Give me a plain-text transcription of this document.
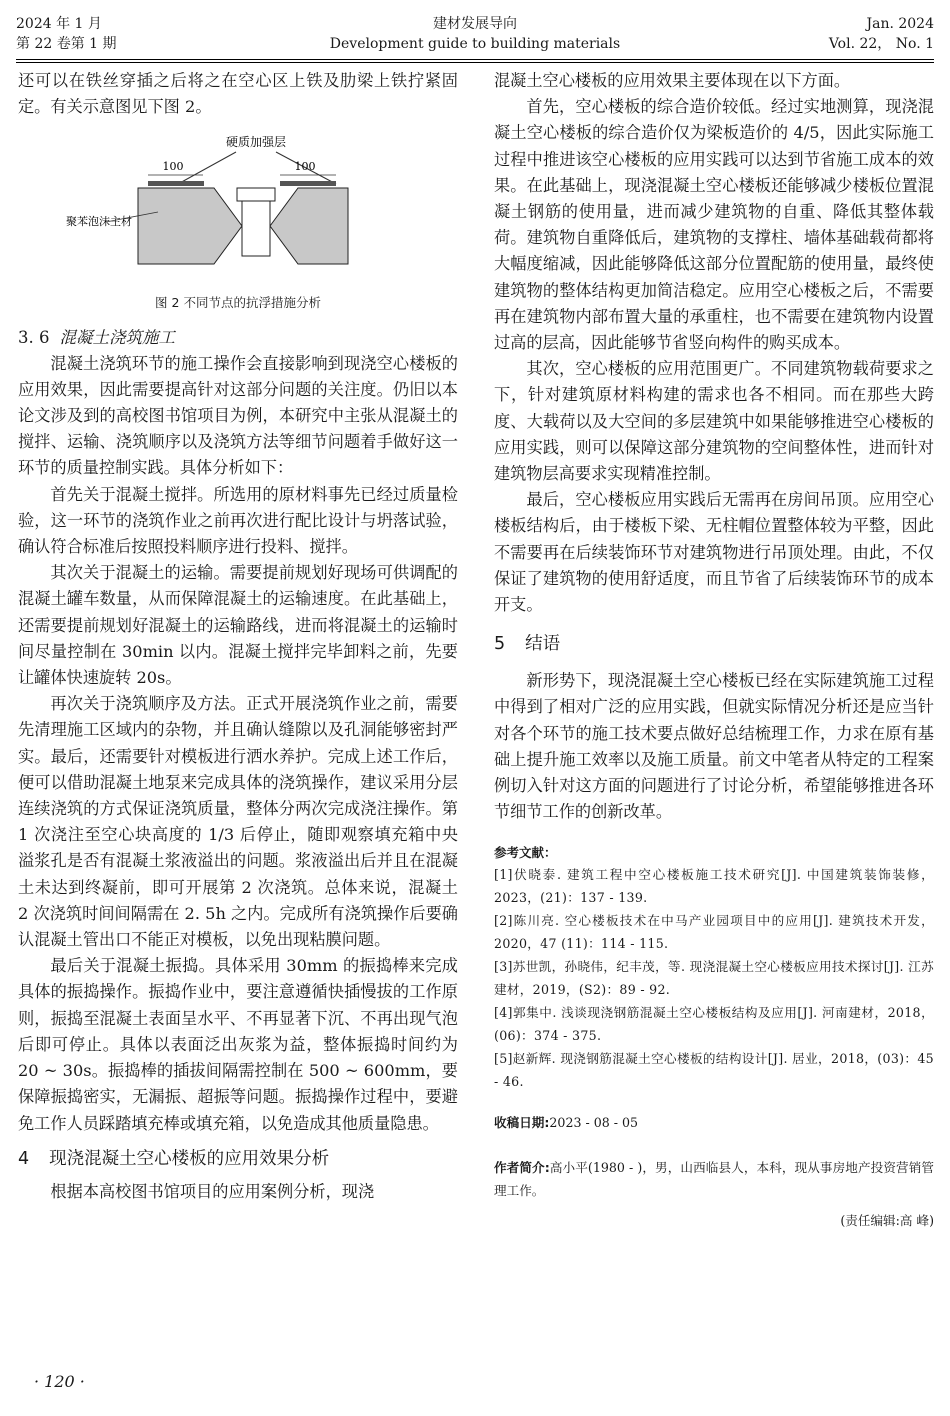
2024 年 1 月
第 22 卷第 1 期
建材发展导向
Development guide to building materials
Jan. 2024
Vol. 22， No. 1

还可以在铁丝穿插之后将之在空心区上铁及肋梁上铁拧紧固定。有关示意图见下图 2。

硬质加强层
100	100
聚苯泡沫主材

图 2 不同节点的抗浮措施分析

3. 6 混凝土浇筑施工

混凝土浇筑环节的施工操作会直接影响到现浇空心楼板的应用效果，因此需要提高针对这部分问题的关注度。仍旧以本论文涉及到的高校图书馆项目为例，本研究中主张从混凝土的搅拌、运输、浇筑顺序以及浇筑方法等细节问题着手做好这一环节的质量控制实践。具体分析如下：

首先关于混凝土搅拌。所选用的原材料事先已经过质量检验，这一环节的浇筑作业之前再次进行配比设计与坍落试验，确认符合标准后按照投料顺序进行投料、搅拌。

其次关于混凝土的运输。需要提前规划好现场可供调配的混凝土罐车数量，从而保障混凝土的运输速度。在此基础上，还需要提前规划好混凝土的运输路线，进而将混凝土的运输时间尽量控制在 30min 以内。混凝土搅拌完毕卸料之前，先要让罐体快速旋转 20s。

再次关于浇筑顺序及方法。正式开展浇筑作业之前，需要先清理施工区域内的杂物，并且确认缝隙以及孔洞能够密封严实。最后，还需要针对模板进行洒水养护。完成上述工作后，便可以借助混凝土地泵来完成具体的浇筑操作，建议采用分层连续浇筑的方式保证浇筑质量，整体分两次完成浇注操作。第 1 次浇注至空心块高度的 1/3 后停止，随即观察填充箱中央溢浆孔是否有混凝土浆液溢出的问题。浆液溢出后并且在混凝土未达到终凝前，即可开展第 2 次浇筑。总体来说，混凝土 2 次浇筑时间间隔需在 2. 5h 之内。完成所有浇筑操作后要确认混凝土管出口不能正对模板，以免出现粘膜问题。

最后关于混凝土振捣。具体采用 30mm 的振捣棒来完成具体的振捣操作。振捣作业中，要注意遵循快插慢拔的工作原则，振捣至混凝土表面呈水平、不再显著下沉、不再出现气泡后即可停止。具体以表面泛出灰浆为益，整体振捣时间约为 20 ~ 30s。振捣棒的插拔间隔需控制在 500 ~ 600mm，要保障振捣密实，无漏振、超振等问题。振捣操作过程中，要避免工作人员踩踏填充棒或填充箱，以免造成其他质量隐患。

4 现浇混凝土空心楼板的应用效果分析

根据本高校图书馆项目的应用案例分析，现浇

混凝土空心楼板的应用效果主要体现在以下方面。

首先，空心楼板的综合造价较低。经过实地测算，现浇混凝土空心楼板的综合造价仅为梁板造价的 4/5，因此实际施工过程中推进该空心楼板的应用实践可以达到节省施工成本的效果。在此基础上，现浇混凝土空心楼板还能够减少楼板位置混凝土钢筋的使用量，进而减少建筑物的自重、降低其整体载荷。建筑物自重降低后，建筑物的支撑柱、墙体基础载荷都将大幅度缩减，因此能够降低这部分位置配筋的使用量，最终使建筑物的整体结构更加简洁稳定。应用空心楼板之后，不需要再在建筑物内部布置大量的承重柱，也不需要在建筑物内设置过高的层高，因此能够节省竖向构件的购买成本。

其次，空心楼板的应用范围更广。不同建筑物载荷要求之下，针对建筑原材料构建的需求也各不相同。而在那些大跨度、大载荷以及大空间的多层建筑中如果能够推进空心楼板的应用实践，则可以保障这部分建筑物的空间整体性，进而针对建筑物层高要求实现精准控制。

最后，空心楼板应用实践后无需再在房间吊顶。应用空心楼板结构后，由于楼板下梁、无柱帽位置整体较为平整，因此不需要再在后续装饰环节对建筑物进行吊顶处理。由此，不仅保证了建筑物的使用舒适度，而且节省了后续装饰环节的成本开支。

5 结语

新形势下，现浇混凝土空心楼板已经在实际建筑施工过程中得到了相对广泛的应用实践，但就实际情况分析还是应当针对各个环节的施工技术要点做好总结梳理工作，力求在原有基础上提升施工效率以及施工质量。前文中笔者从特定的工程案例切入针对这方面的问题进行了讨论分析，希望能够推进各环节细节工作的创新改革。

参考文献：

[1]伏晓泰. 建筑工程中空心楼板施工技术研究[J]. 中国建筑装饰装修，2023，(21)：137 - 139.

[2]陈川亮. 空心楼板技术在中马产业园项目中的应用[J]. 建筑技术开发，2020，47 (11)：114 - 115.

[3]苏世凯，孙晓伟，纪丰茂，等. 现浇混凝土空心楼板应用技术探讨[J]. 江苏建材，2019，(S2)：89 - 92.

[4]郭集中. 浅谈现浇钢筋混凝土空心楼板结构及应用[J]. 河南建材，2018，(06)：374 - 375.

[5]赵新辉. 现浇钢筋混凝土空心楼板的结构设计[J]. 居业，2018，(03)：45 - 46.

收稿日期:2023 - 08 - 05

作者简介:高小平(1980 - )，男，山西临县人，本科，现从事房地产投资营销管理工作。

(责任编辑:高 峰)

· 120 ·
